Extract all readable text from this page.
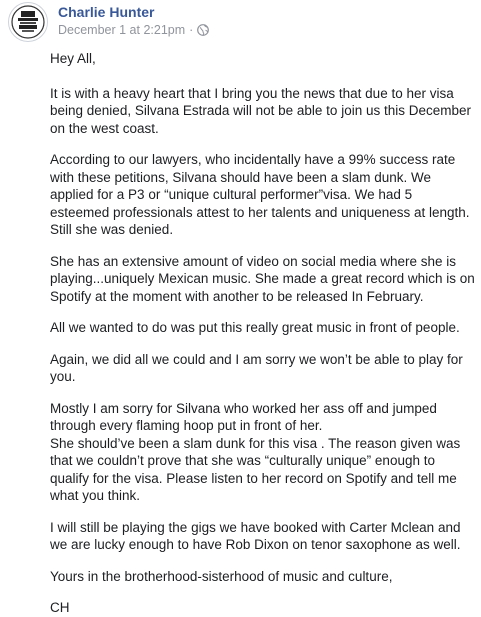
Charlie Hunter
December 1 at 2:21pm ·

Hey All,

It is with a heavy heart that I bring you the news that due to her visa being denied, Silvana Estrada will not be able to join us this December on the west coast.

According to our lawyers, who incidentally have a 99% success rate with these petitions, Silvana should have been a slam dunk. We applied for a P3 or “unique cultural performer”visa. We had 5 esteemed professionals attest to her talents and uniqueness at length. Still she was denied.

She has an extensive amount of video on social media where she is playing...uniquely Mexican music. She made a great record which is on Spotify at the moment with another to be released In February.

All we wanted to do was put this really great music in front of people.

Again, we did all we could and I am sorry we won’t be able to play for you.

Mostly I am sorry for Silvana who worked her ass off and jumped through every flaming hoop put in front of her.

She should’ve been a slam dunk for this visa . The reason given was that we couldn’t prove that she was “culturally unique” enough to qualify for the visa. Please listen to her record on Spotify and tell me what you think.

I will still be playing the gigs we have booked with Carter Mclean and we are lucky enough to have Rob Dixon on tenor saxophone as well.

Yours in the brotherhood-sisterhood of music and culture,

CH
